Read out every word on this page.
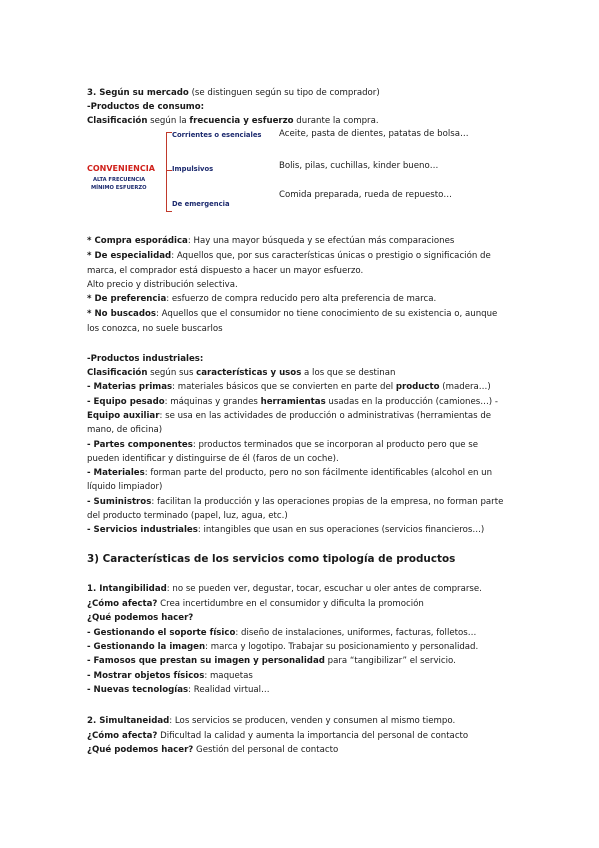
3. Según su mercado (se distinguen según su tipo de comprador)
-Productos de consumo:
Clasificación según la frecuencia y esfuerzo durante la compra.
CONVENIENCIA
ALTA FRECUENCIA
MÍNIMO ESFUERZO
Corrientes o esenciales
Impulsivos
De emergencia
Aceite, pasta de dientes, patatas de bolsa…
Bolis, pilas, cuchillas, kinder bueno…
Comida preparada, rueda de repuesto…
* Compra esporádica: Hay una mayor búsqueda y se efectúan más comparaciones
* De especialidad: Aquellos que, por sus características únicas o prestigio o significación de
marca, el comprador está dispuesto a hacer un mayor esfuerzo.
Alto precio y distribución selectiva.
* De preferencia: esfuerzo de compra reducido pero alta preferencia de marca.
* No buscados: Aquellos que el consumidor no tiene conocimiento de su existencia o, aunque
los conozca, no suele buscarlos
-Productos industriales:
Clasificación según sus características y usos a los que se destinan
- Materias primas: materiales básicos que se convierten en parte del producto (madera…)
- Equipo pesado: máquinas y grandes herramientas usadas en la producción (camiones…) -
Equipo auxiliar: se usa en las actividades de producción o administrativas (herramientas de
mano, de oficina)
- Partes componentes: productos terminados que se incorporan al producto pero que se
pueden identificar y distinguirse de él (faros de un coche).
- Materiales: forman parte del producto, pero no son fácilmente identificables (alcohol en un
líquido limpiador)
- Suministros: facilitan la producción y las operaciones propias de la empresa, no forman parte
del producto terminado (papel, luz, agua, etc.)
- Servicios industriales: intangibles que usan en sus operaciones (servicios financieros…)
3) Características de los servicios como tipología de productos
1. Intangibilidad: no se pueden ver, degustar, tocar, escuchar u oler antes de comprarse.
¿Cómo afecta? Crea incertidumbre en el consumidor y dificulta la promoción
¿Qué podemos hacer?
- Gestionando el soporte físico: diseño de instalaciones, uniformes, facturas, folletos…
- Gestionando la imagen: marca y logotipo. Trabajar su posicionamiento y personalidad.
- Famosos que prestan su imagen y personalidad para “tangibilizar” el servicio.
- Mostrar objetos físicos: maquetas
- Nuevas tecnologías: Realidad virtual…
2. Simultaneidad: Los servicios se producen, venden y consumen al mismo tiempo.
¿Cómo afecta? Dificultad la calidad y aumenta la importancia del personal de contacto
¿Qué podemos hacer? Gestión del personal de contacto
